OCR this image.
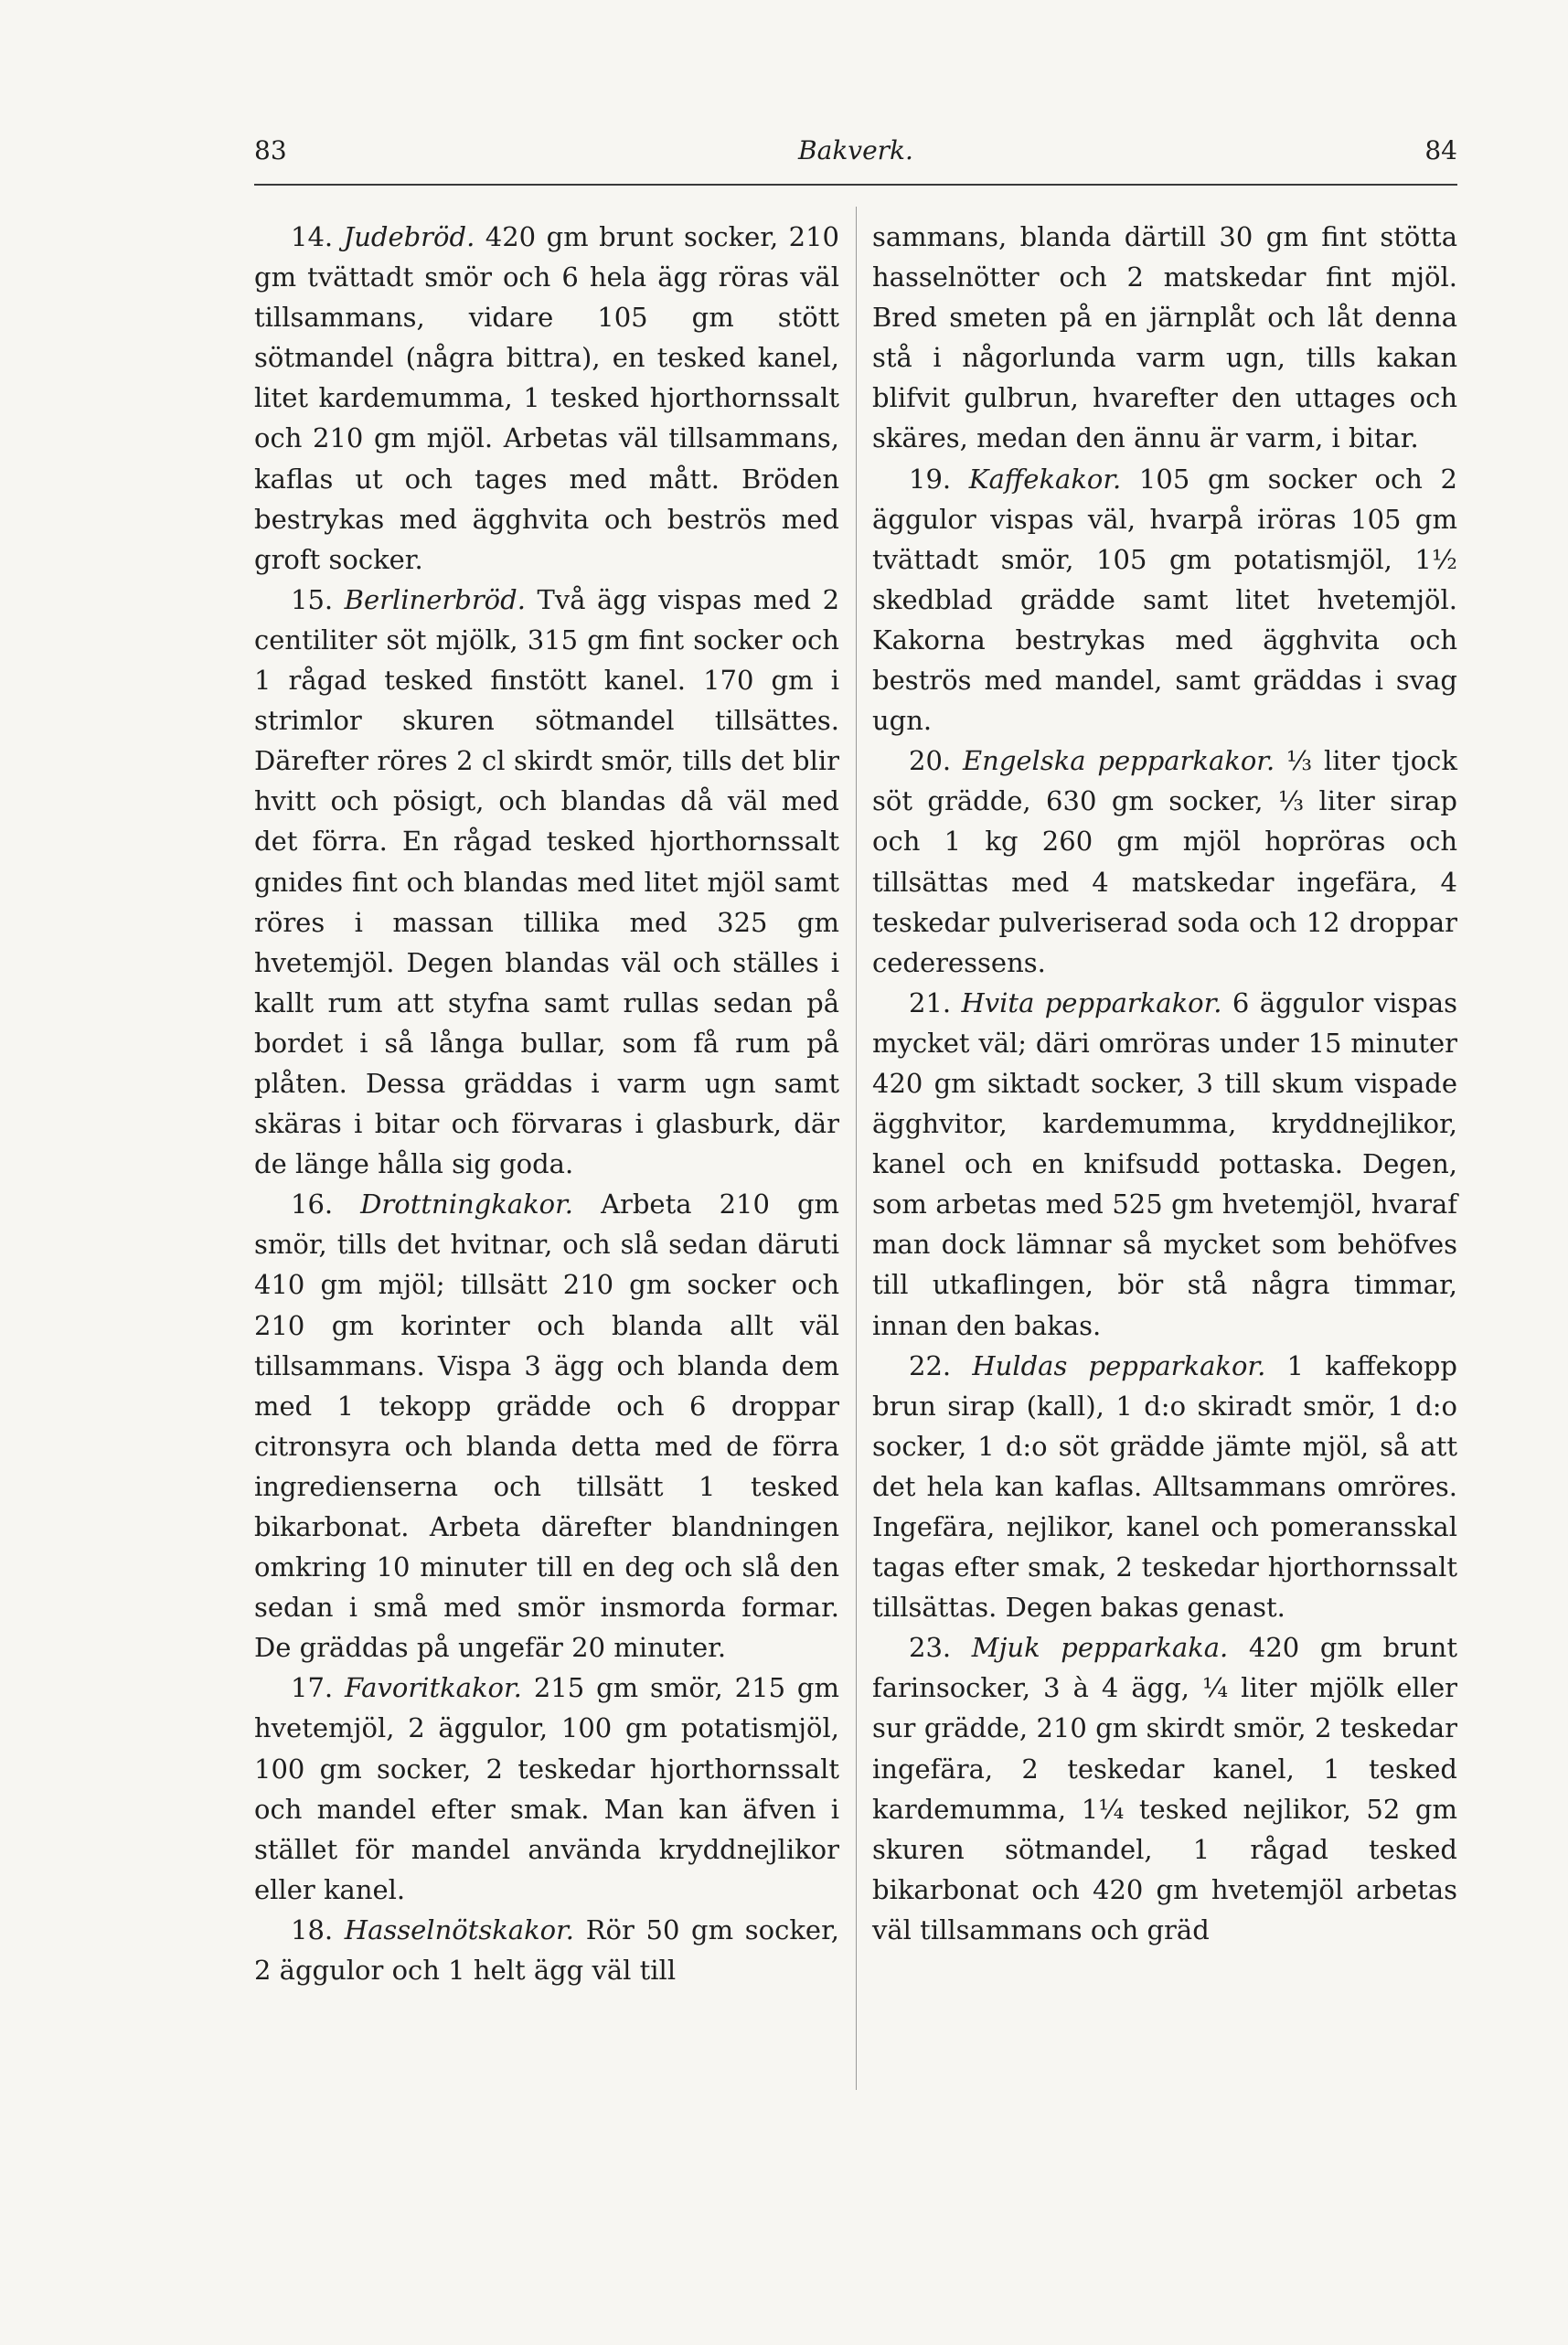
83	Bakverk.	84

14. Judebröd. 420 gm brunt socker, 210 gm tvättadt smör och 6 hela ägg röras väl tillsammans, vidare 105 gm stött sötmandel (några bittra), en tesked kanel, litet kardemumma, 1 tesked hjorthornssalt och 210 gm mjöl. Arbetas väl tillsammans, kaflas ut och tages med mått. Bröden bestrykas med ägghvita och beströs med groft socker.

15. Berlinerbröd. Två ägg vispas med 2 centiliter söt mjölk, 315 gm fint socker och 1 rågad tesked finstött kanel. 170 gm i strimlor skuren sötmandel tillsättes. Därefter röres 2 cl skirdt smör, tills det blir hvitt och pösigt, och blandas då väl med det förra. En rågad tesked hjorthornssalt gnides fint och blandas med litet mjöl samt röres i massan tillika med 325 gm hvetemjöl. Degen blandas väl och ställes i kallt rum att styfna samt rullas sedan på bordet i så långa bullar, som få rum på plåten. Dessa gräddas i varm ugn samt skäras i bitar och förvaras i glasburk, där de länge hålla sig goda.

16. Drottningkakor. Arbeta 210 gm smör, tills det hvitnar, och slå sedan däruti 410 gm mjöl; tillsätt 210 gm socker och 210 gm korinter och blanda allt väl tillsammans. Vispa 3 ägg och blanda dem med 1 tekopp grädde och 6 droppar citronsyra och blanda detta med de förra ingredienserna och tillsätt 1 tesked bikarbonat. Arbeta därefter blandningen omkring 10 minuter till en deg och slå den sedan i små med smör insmorda formar. De gräddas på ungefär 20 minuter.

17. Favoritkakor. 215 gm smör, 215 gm hvetemjöl, 2 äggulor, 100 gm potatismjöl, 100 gm socker, 2 teskedar hjorthornssalt och mandel efter smak. Man kan äfven i stället för mandel använda kryddnejlikor eller kanel.

18. Hasselnötskakor. Rör 50 gm socker, 2 äggulor och 1 helt ägg väl till

sammans, blanda därtill 30 gm fint stötta hasselnötter och 2 matskedar fint mjöl. Bred smeten på en järnplåt och låt denna stå i någorlunda varm ugn, tills kakan blifvit gulbrun, hvarefter den uttages och skäres, medan den ännu är varm, i bitar.

19. Kaffekakor. 105 gm socker och 2 äggulor vispas väl, hvarpå iröras 105 gm tvättadt smör, 105 gm potatismjöl, 1½ skedblad grädde samt litet hvetemjöl. Kakorna bestrykas med ägghvita och beströs med mandel, samt gräddas i svag ugn.

20. Engelska pepparkakor. ⅓ liter tjock söt grädde, 630 gm socker, ⅓ liter sirap och 1 kg 260 gm mjöl hopröras och tillsättas med 4 matskedar ingefära, 4 teskedar pulveriserad soda och 12 droppar cederessens.

21. Hvita pepparkakor. 6 äggulor vispas mycket väl; däri omröras under 15 minuter 420 gm siktadt socker, 3 till skum vispade ägghvitor, kardemumma, kryddnejlikor, kanel och en knifsudd pottaska. Degen, som arbetas med 525 gm hvetemjöl, hvaraf man dock lämnar så mycket som behöfves till utkaflingen, bör stå några timmar, innan den bakas.

22. Huldas pepparkakor. 1 kaffekopp brun sirap (kall), 1 d:o skiradt smör, 1 d:o socker, 1 d:o söt grädde jämte mjöl, så att det hela kan kaflas. Alltsammans omröres. Ingefära, nejlikor, kanel och pomeransskal tagas efter smak, 2 teskedar hjorthornssalt tillsättas. Degen bakas genast.

23. Mjuk pepparkaka. 420 gm brunt farinsocker, 3 à 4 ägg, ¼ liter mjölk eller sur grädde, 210 gm skirdt smör, 2 teskedar ingefära, 2 teskedar kanel, 1 tesked kardemumma, 1¼ tesked nejlikor, 52 gm skuren sötmandel, 1 rågad tesked bikarbonat och 420 gm hvetemjöl arbetas väl tillsammans och gräd
